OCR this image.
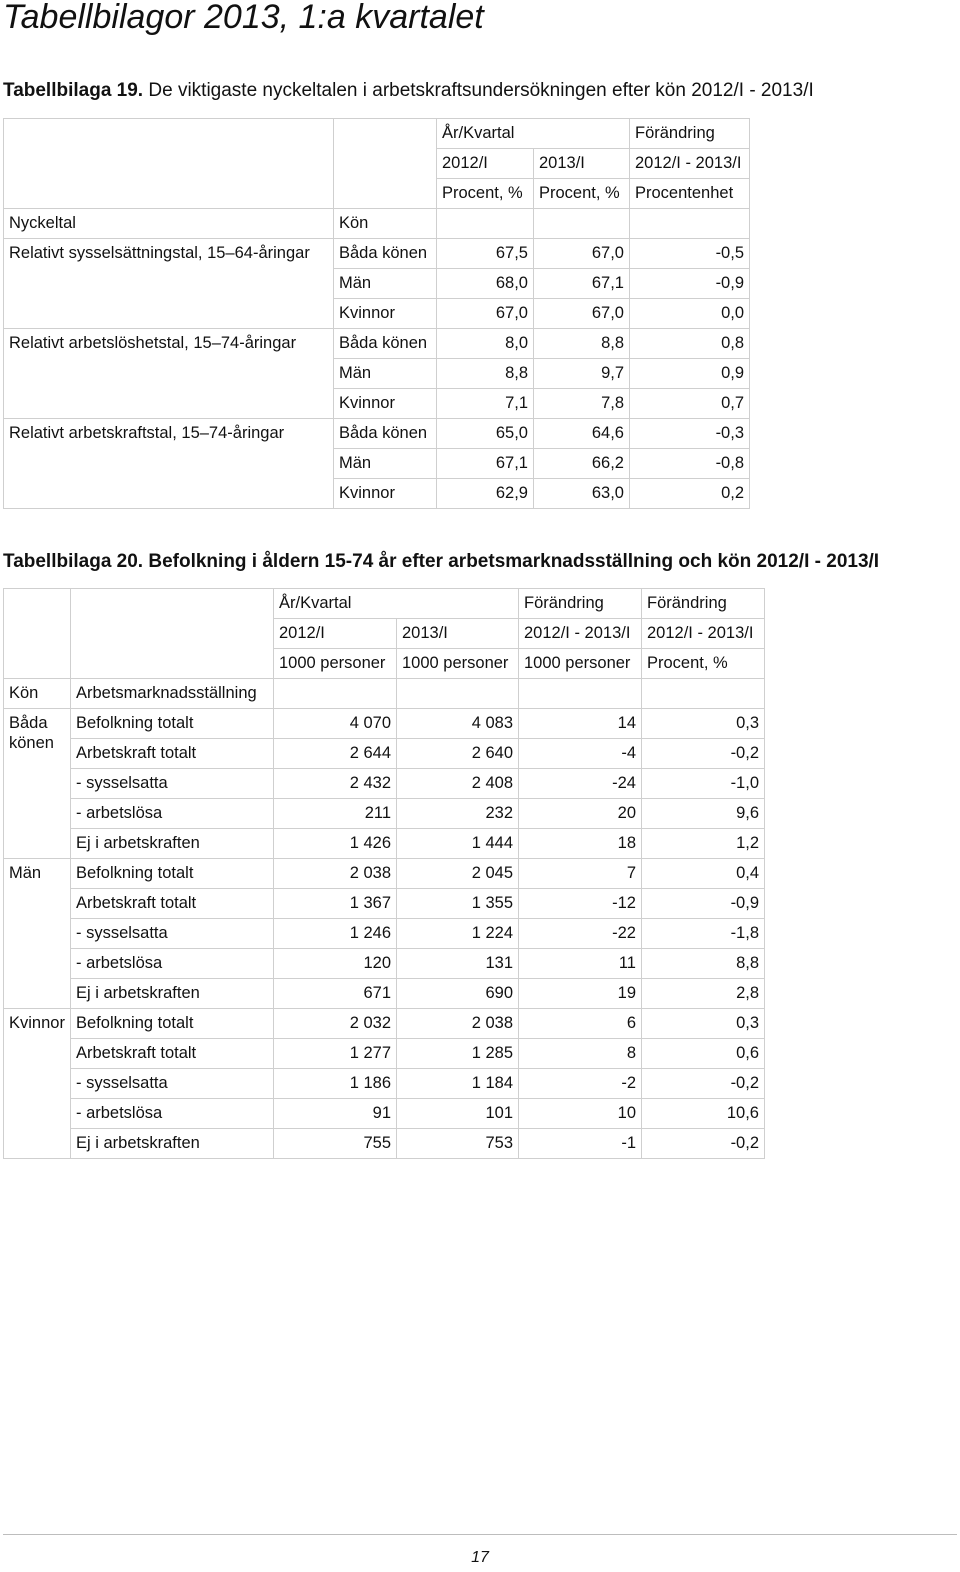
Tabellbilagor 2013, 1:a kvartalet
Tabellbilaga 19. De viktigaste nyckeltalen i arbetskraftsundersökningen efter kön 2012/I - 2013/I
		År/Kvartal		Förändring
		2012/I	2013/I	2012/I - 2013/I
		Procent, %	Procent, %	Procentenhet
Nyckeltal	Kön			
Relativt sysselsättningstal, 15–64-åringar	Båda könen	67,5	67,0	-0,5
	Män	68,0	67,1	-0,9
	Kvinnor	67,0	67,0	0,0
Relativt arbetslöshetstal, 15–74-åringar	Båda könen	8,0	8,8	0,8
	Män	8,8	9,7	0,9
	Kvinnor	7,1	7,8	0,7
Relativt arbetskraftstal, 15–74-åringar	Båda könen	65,0	64,6	-0,3
	Män	67,1	66,2	-0,8
	Kvinnor	62,9	63,0	0,2
Tabellbilaga 20. Befolkning i åldern 15-74 år efter arbetsmarknadsställning och kön 2012/I - 2013/I
		År/Kvartal		Förändring	Förändring
		2012/I	2013/I	2012/I - 2013/I	2012/I - 2013/I
		1000 personer	1000 personer	1000 personer	Procent, %
Kön	Arbetsmarknadsställning				
Båda könen	Befolkning totalt	4 070	4 083	14	0,3
	Arbetskraft totalt	2 644	2 640	-4	-0,2
	- sysselsatta	2 432	2 408	-24	-1,0
	- arbetslösa	211	232	20	9,6
	Ej i arbetskraften	1 426	1 444	18	1,2
Män	Befolkning totalt	2 038	2 045	7	0,4
	Arbetskraft totalt	1 367	1 355	-12	-0,9
	- sysselsatta	1 246	1 224	-22	-1,8
	- arbetslösa	120	131	11	8,8
	Ej i arbetskraften	671	690	19	2,8
Kvinnor	Befolkning totalt	2 032	2 038	6	0,3
	Arbetskraft totalt	1 277	1 285	8	0,6
	- sysselsatta	1 186	1 184	-2	-0,2
	- arbetslösa	91	101	10	10,6
	Ej i arbetskraften	755	753	-1	-0,2
17
